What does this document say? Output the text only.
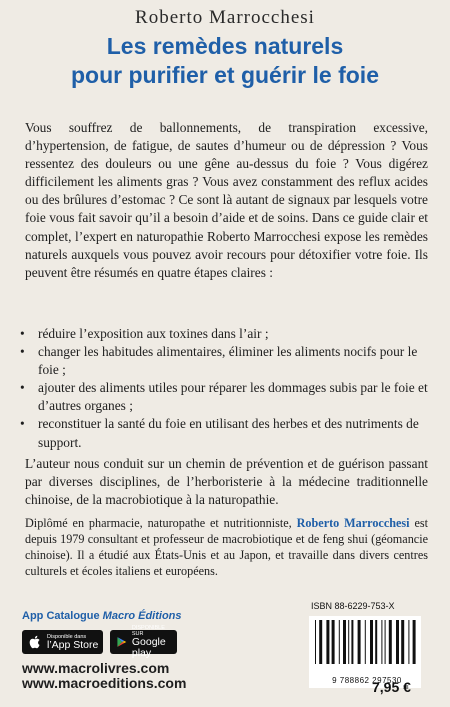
Roberto Marrocchesi
Les remèdes naturels
pour purifier et guérir le foie

Vous souffrez de ballonnements, de transpiration excessive, d’hypertension, de fatigue, de sautes d’humeur ou de dépression ? Vous ressentez des douleurs ou une gêne au-dessus du foie ? Vous digérez difficilement les aliments gras ? Vous avez constamment des reflux acides ou des brûlures d’estomac ? Ce sont là autant de signaux par lesquels votre foie vous fait savoir qu’il a besoin d’aide et de soins. Dans ce guide clair et complet, l’expert en naturopathie Roberto Marrocchesi expose les remèdes naturels auxquels vous pouvez avoir recours pour détoxifier votre foie. Ils peuvent être résumés en quatre étapes claires :

• réduire l’exposition aux toxines dans l’air ;
• changer les habitudes alimentaires, éliminer les aliments nocifs pour le foie ;
• ajouter des aliments utiles pour réparer les dommages subis par le foie et d’autres organes ;
• reconstituer la santé du foie en utilisant des herbes et des nutriments de support.

L’auteur nous conduit sur un chemin de prévention et de guérison passant par diverses disciplines, de l’herboristerie à la médecine traditionnelle chinoise, de la macrobiotique à la naturopathie.

Diplômé en pharmacie, naturopathe et nutritionniste, Roberto Marrocchesi est depuis 1979 consultant et professeur de macrobiotique et de feng shui (géomancie chinoise). Il a étudié aux États-Unis et au Japon, et travaille dans divers centres culturels et écoles italiens et européens.

App Catalogue Macro Éditions
Disponible dans
l’App Store
DISPONIBLE SUR
Google play
www.macrolivres.com
www.macroeditions.com
ISBN 88-6229-753-X
9 788862 297530
7,95 €
